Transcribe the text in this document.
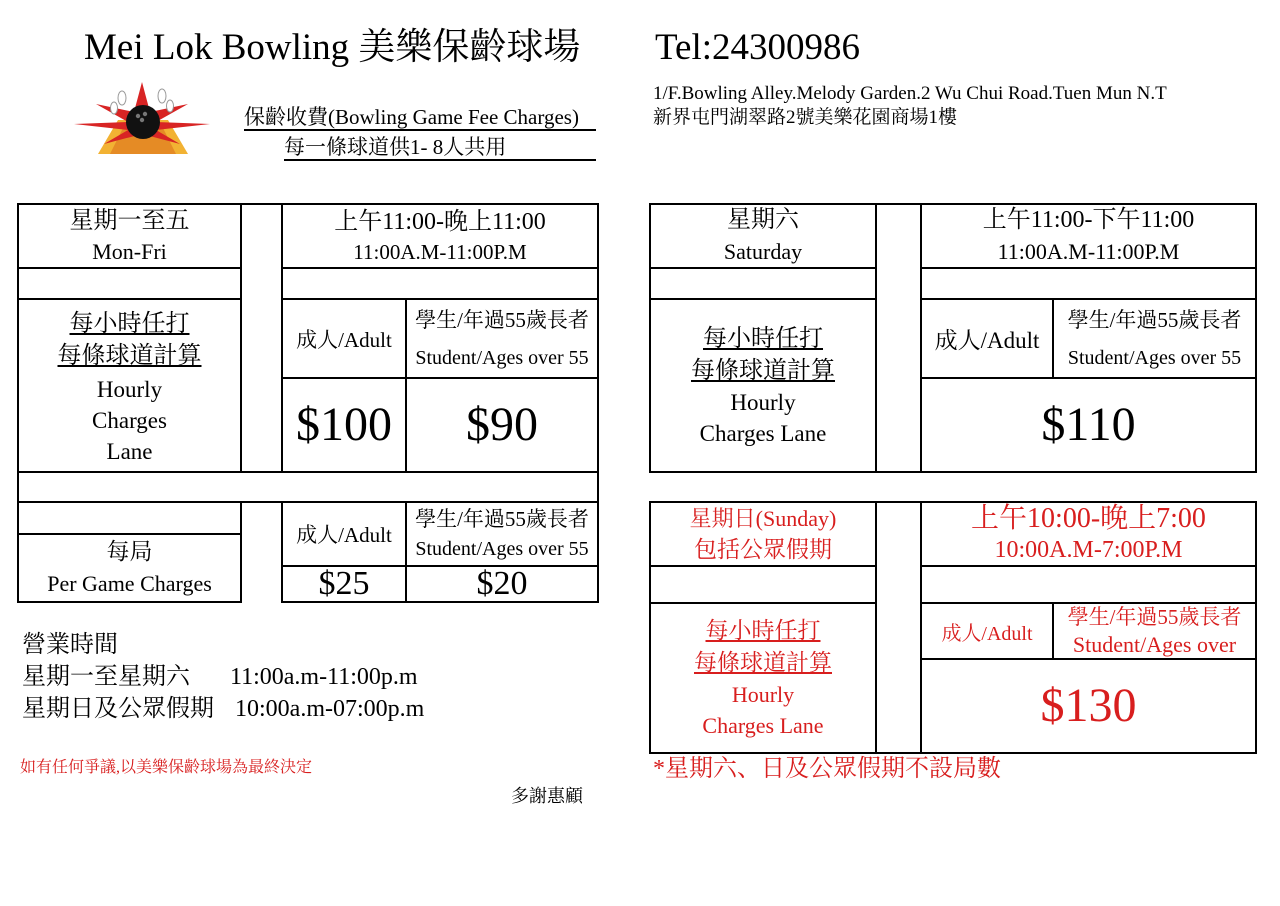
Mei Lok Bowling 美樂保齡球場 Tel:24300986
1/F.Bowling Alley.Melody Garden.2 Wu Chui Road.Tuen Mun N.T
新界屯門湖翠路2號美樂花園商場1樓
保齡收費(Bowling Game Fee Charges)
每一條球道供1- 8人共用
星期一至五
Mon-Fri
每小時任打
每條球道計算
Hourly
Charges
Lane
上午11:00-晚上11:00
11:00A.M-11:00P.M
成人/Adult
學生/年過55歲長者
Student/Ages over 55
$100	$90
每局
Per Game Charges
成人/Adult
學生/年過55歲長者
Student/Ages over 55
$25	$20
營業時間
星期一至星期六 11:00a.m-11:00p.m
星期日及公眾假期 10:00a.m-07:00p.m
如有任何爭議,以美樂保齡球場為最終決定
多謝惠顧
星期六
Saturday
每小時任打
每條球道計算
Hourly
Charges Lane
上午11:00-下午11:00
11:00A.M-11:00P.M
成人/Adult
學生/年過55歲長者
Student/Ages over 55
$110
星期日(Sunday)
包括公眾假期
每小時任打
每條球道計算
Hourly
Charges Lane
上午10:00-晚上7:00
10:00A.M-7:00P.M
成人/Adult
學生/年過55歲長者
Student/Ages over
$130
*星期六、日及公眾假期不設局數
